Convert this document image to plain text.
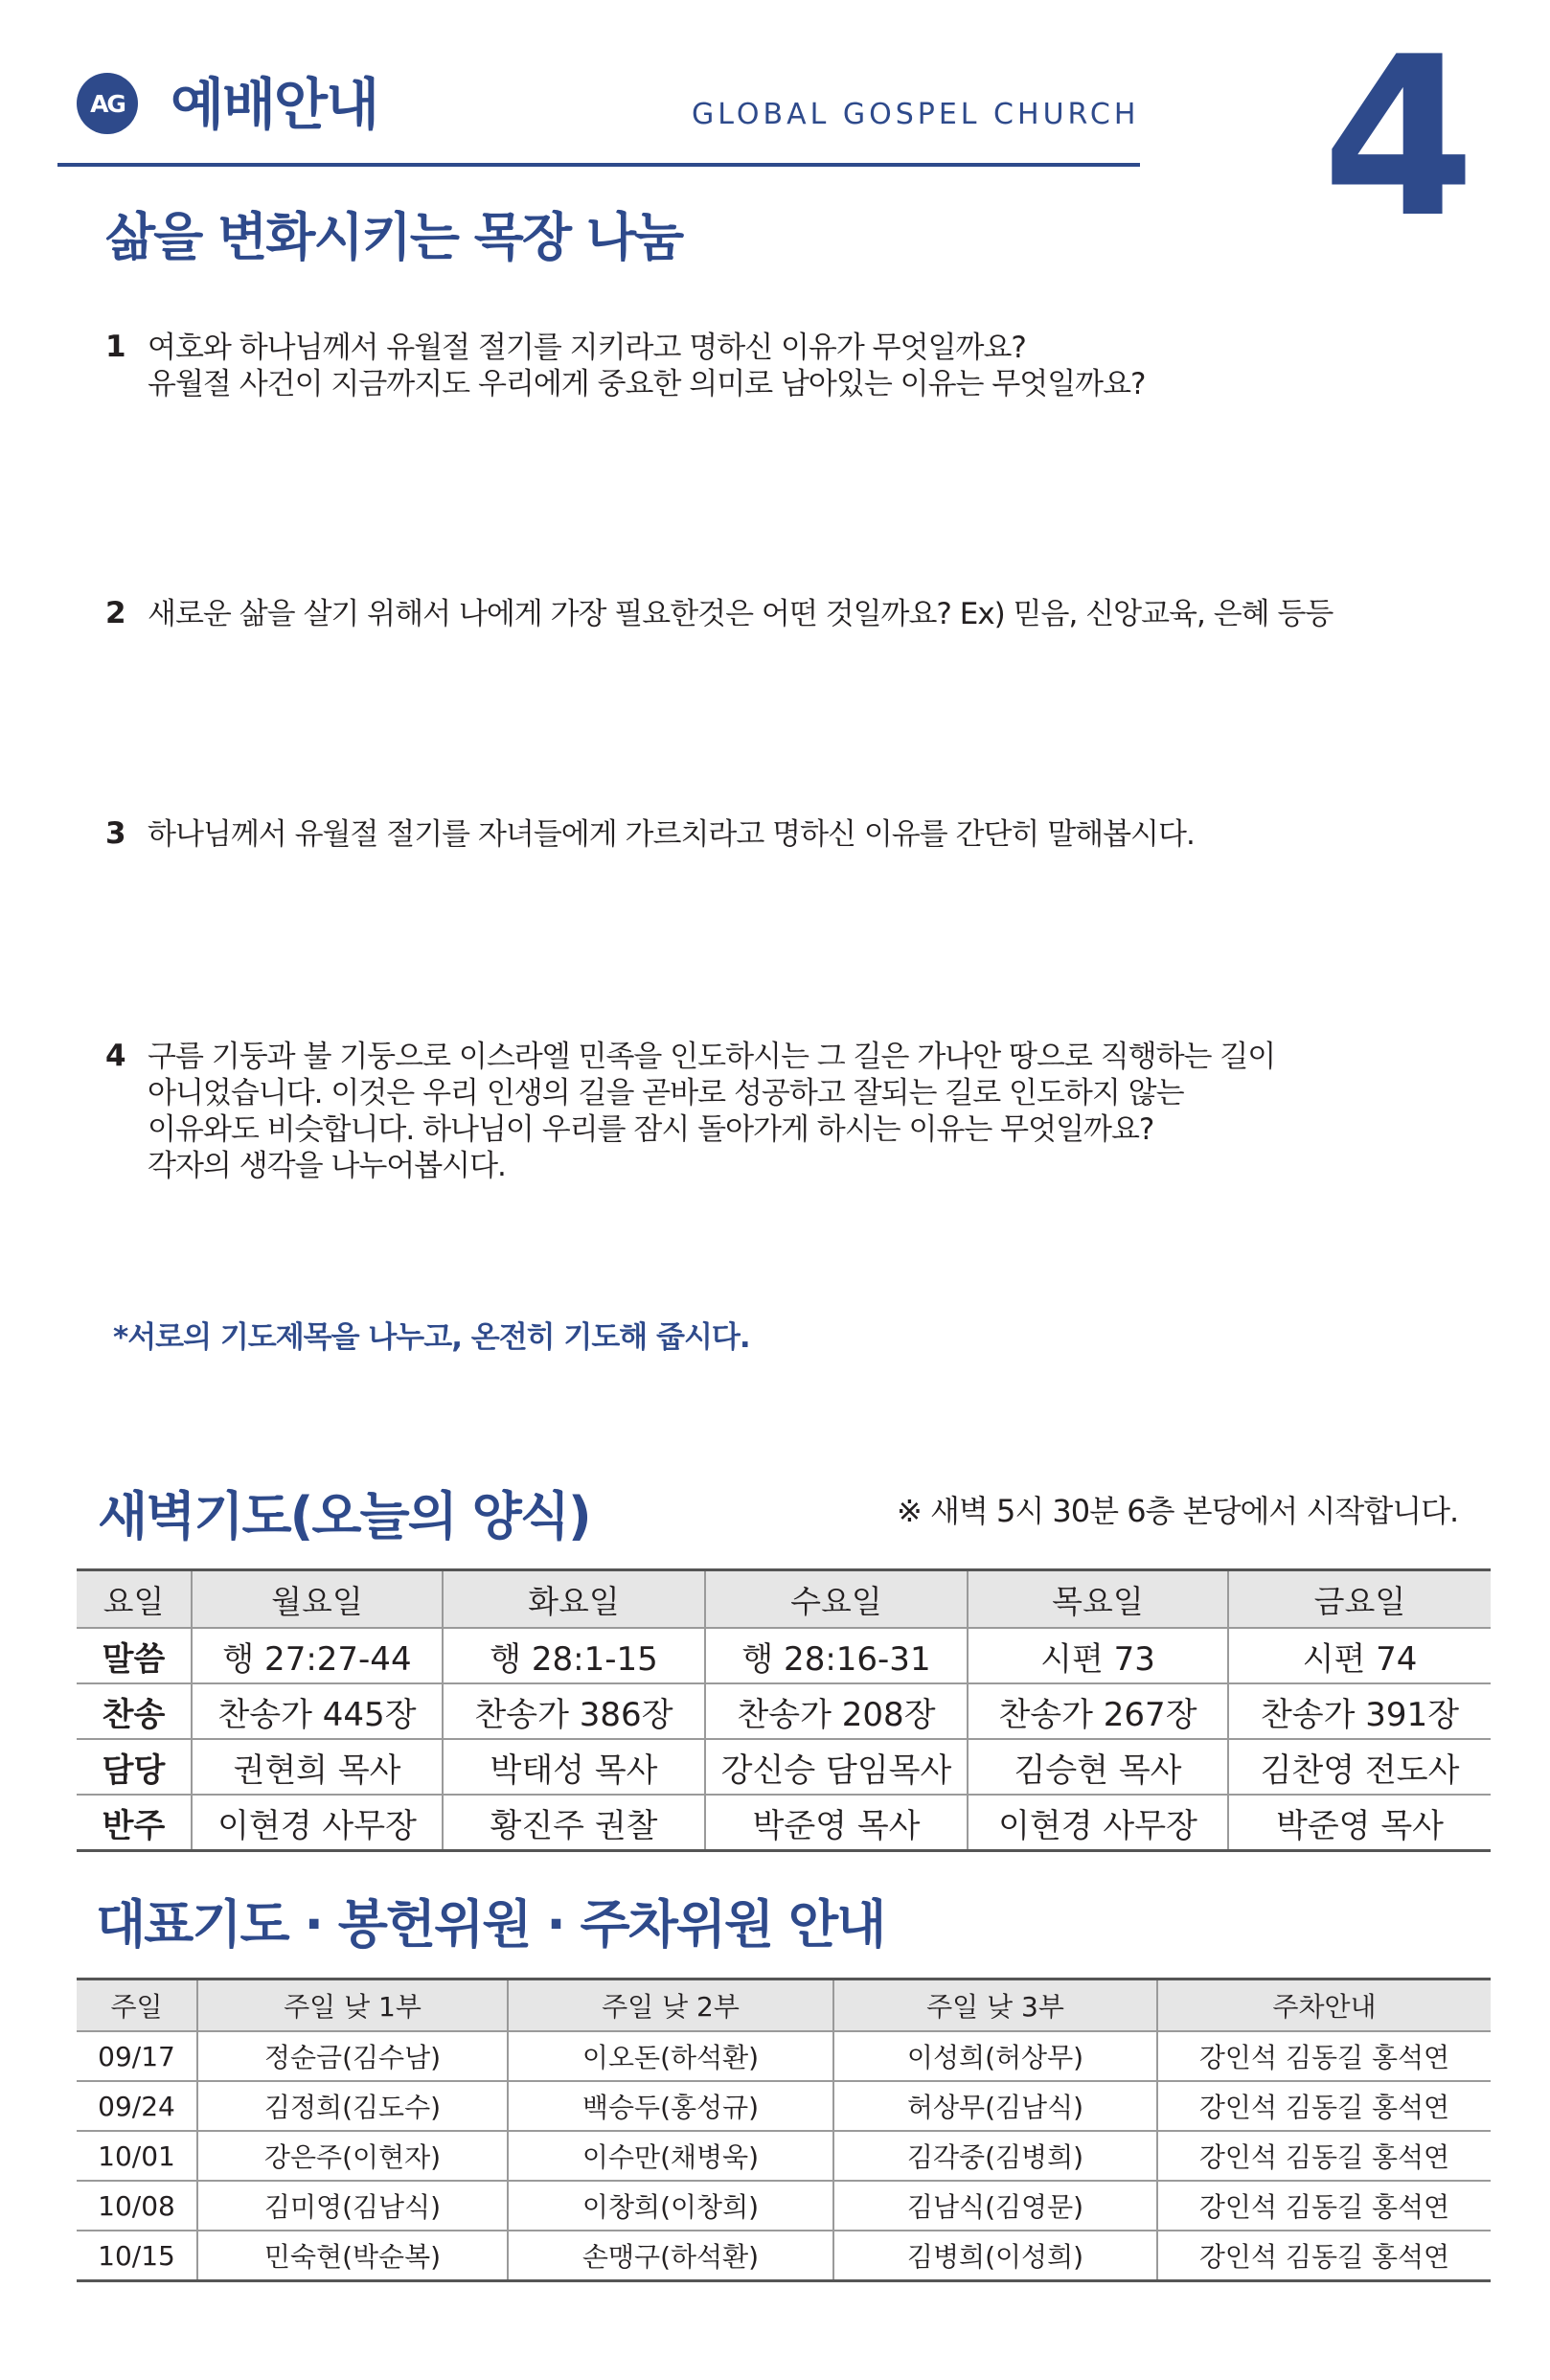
AG 예배안내	GLOBAL GOSPEL CHURCH 4
삶을 변화시키는 목장 나눔
1 여호와 하나님께서 유월절 절기를 지키라고 명하신 이유가 무엇일까요?
유월절 사건이 지금까지도 우리에게 중요한 의미로 남아있는 이유는 무엇일까요?
2 새로운 삶을 살기 위해서 나에게 가장 필요한것은 어떤 것일까요? Ex) 믿음, 신앙교육, 은혜 등등
3 하나님께서 유월절 절기를 자녀들에게 가르치라고 명하신 이유를 간단히 말해봅시다.
4 구름 기둥과 불 기둥으로 이스라엘 민족을 인도하시는 그 길은 가나안 땅으로 직행하는 길이
아니었습니다. 이것은 우리 인생의 길을 곧바로 성공하고 잘되는 길로 인도하지 않는
이유와도 비슷합니다. 하나님이 우리를 잠시 돌아가게 하시는 이유는 무엇일까요?
각자의 생각을 나누어봅시다.
*서로의 기도제목을 나누고, 온전히 기도해 줍시다.
새벽기도(오늘의 양식)	※ 새벽 5시 30분 6층 본당에서 시작합니다.
요일	월요일	화요일	수요일	목요일	금요일
말씀	행 27:27-44	행 28:1-15	행 28:16-31	시편 73	시편 74
찬송	찬송가 445장	찬송가 386장	찬송가 208장	찬송가 267장	찬송가 391장
담당	권현희 목사	박태성 목사	강신승 담임목사	김승현 목사	김찬영 전도사
반주	이현경 사무장	황진주 권찰	박준영 목사	이현경 사무장	박준영 목사
대표기도 · 봉헌위원 · 주차위원 안내
주일	주일 낮 1부	주일 낮 2부	주일 낮 3부	주차안내
09/17	정순금(김수남)	이오돈(하석환)	이성희(허상무)	강인석 김동길 홍석연
09/24	김정희(김도수)	백승두(홍성규)	허상무(김남식)	강인석 김동길 홍석연
10/01	강은주(이현자)	이수만(채병욱)	김각중(김병희)	강인석 김동길 홍석연
10/08	김미영(김남식)	이창희(이창희)	김남식(김영문)	강인석 김동길 홍석연
10/15	민숙현(박순복)	손맹구(하석환)	김병희(이성희)	강인석 김동길 홍석연
